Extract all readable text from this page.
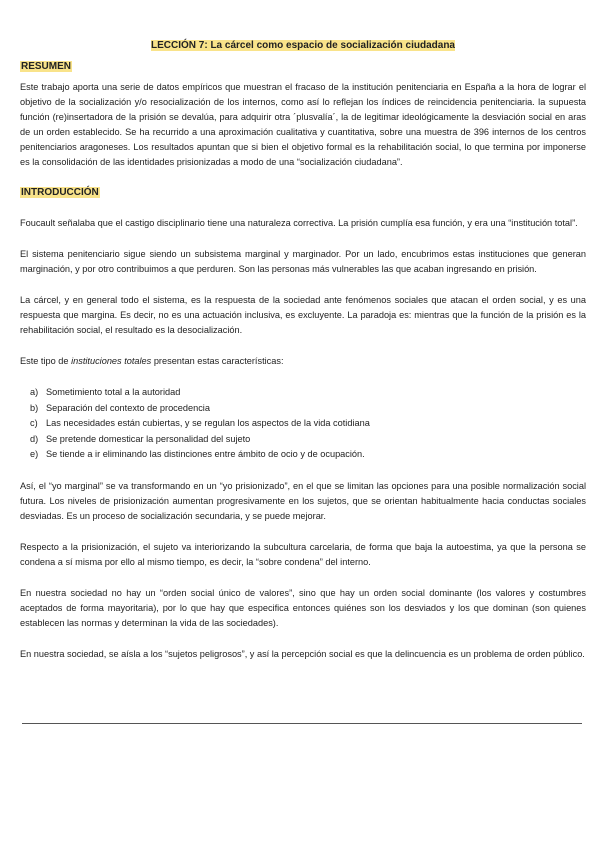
LECCIÓN 7: La cárcel como espacio de socialización ciudadana
RESUMEN

Este trabajo aporta una serie de datos empíricos que muestran el fracaso de la institución penitenciaria en España a la hora de lograr el objetivo de la socialización y/o resocialización de los internos, como así lo reflejan los índices de reincidencia penitenciaria. la supuesta función (re)insertadora de la prisión se devalúa, para adquirir otra ´plusvalía´, la de legitimar ideológicamente la desviación social en aras de un orden establecido. Se ha recurrido a una aproximación cualitativa y cuantitativa, sobre una muestra de 396 internos de los centros penitenciarios aragoneses. Los resultados apuntan que si bien el objetivo formal es la rehabilitación social, lo que termina por imponerse es la consolidación de las identidades prisionizadas a modo de una “socialización ciudadana”.

INTRODUCCIÓN

Foucault señalaba que el castigo disciplinario tiene una naturaleza correctiva. La prisión cumplía esa función, y era una “institución total”.

El sistema penitenciario sigue siendo un subsistema marginal y marginador. Por un lado, encubrimos estas instituciones que generan marginación, y por otro contribuimos a que perduren. Son las personas más vulnerables las que acaban ingresando en prisión.

La cárcel, y en general todo el sistema, es la respuesta de la sociedad ante fenómenos sociales que atacan el orden social, y es una respuesta que margina. Es decir, no es una actuación inclusiva, es excluyente. La paradoja es: mientras que la función de la prisión es la rehabilitación social, el resultado es la desocialización.

Este tipo de instituciones totales presentan estas características:

a) Sometimiento total a la autoridad
b) Separación del contexto de procedencia
c) Las necesidades están cubiertas, y se regulan los aspectos de la vida cotidiana
d) Se pretende domesticar la personalidad del sujeto
e) Se tiende a ir eliminando las distinciones entre ámbito de ocio y de ocupación.

Así, el “yo marginal” se va transformando en un “yo prisionizado”, en el que se limitan las opciones para una posible normalización social futura. Los niveles de prisionización aumentan progresivamente en los sujetos, que se orientan habitualmente hacia conductas sociales desviadas. Es un proceso de socialización secundaria, y se puede mejorar.

Respecto a la prisionización, el sujeto va interiorizando la subcultura carcelaria, de forma que baja la autoestima, ya que la persona se condena a sí misma por ello al mismo tiempo, es decir, la “sobre condena” del interno.

En nuestra sociedad no hay un “orden social único de valores”, sino que hay un orden social dominante (los valores y costumbres aceptados de forma mayoritaria), por lo que hay que especifica entonces quiénes son los desviados y los que dominan (son quienes establecen las normas y determinan la vida de las sociedades).

En nuestra sociedad, se aísla a los “sujetos peligrosos”, y así la percepción social es que la delincuencia es un problema de orden público.
